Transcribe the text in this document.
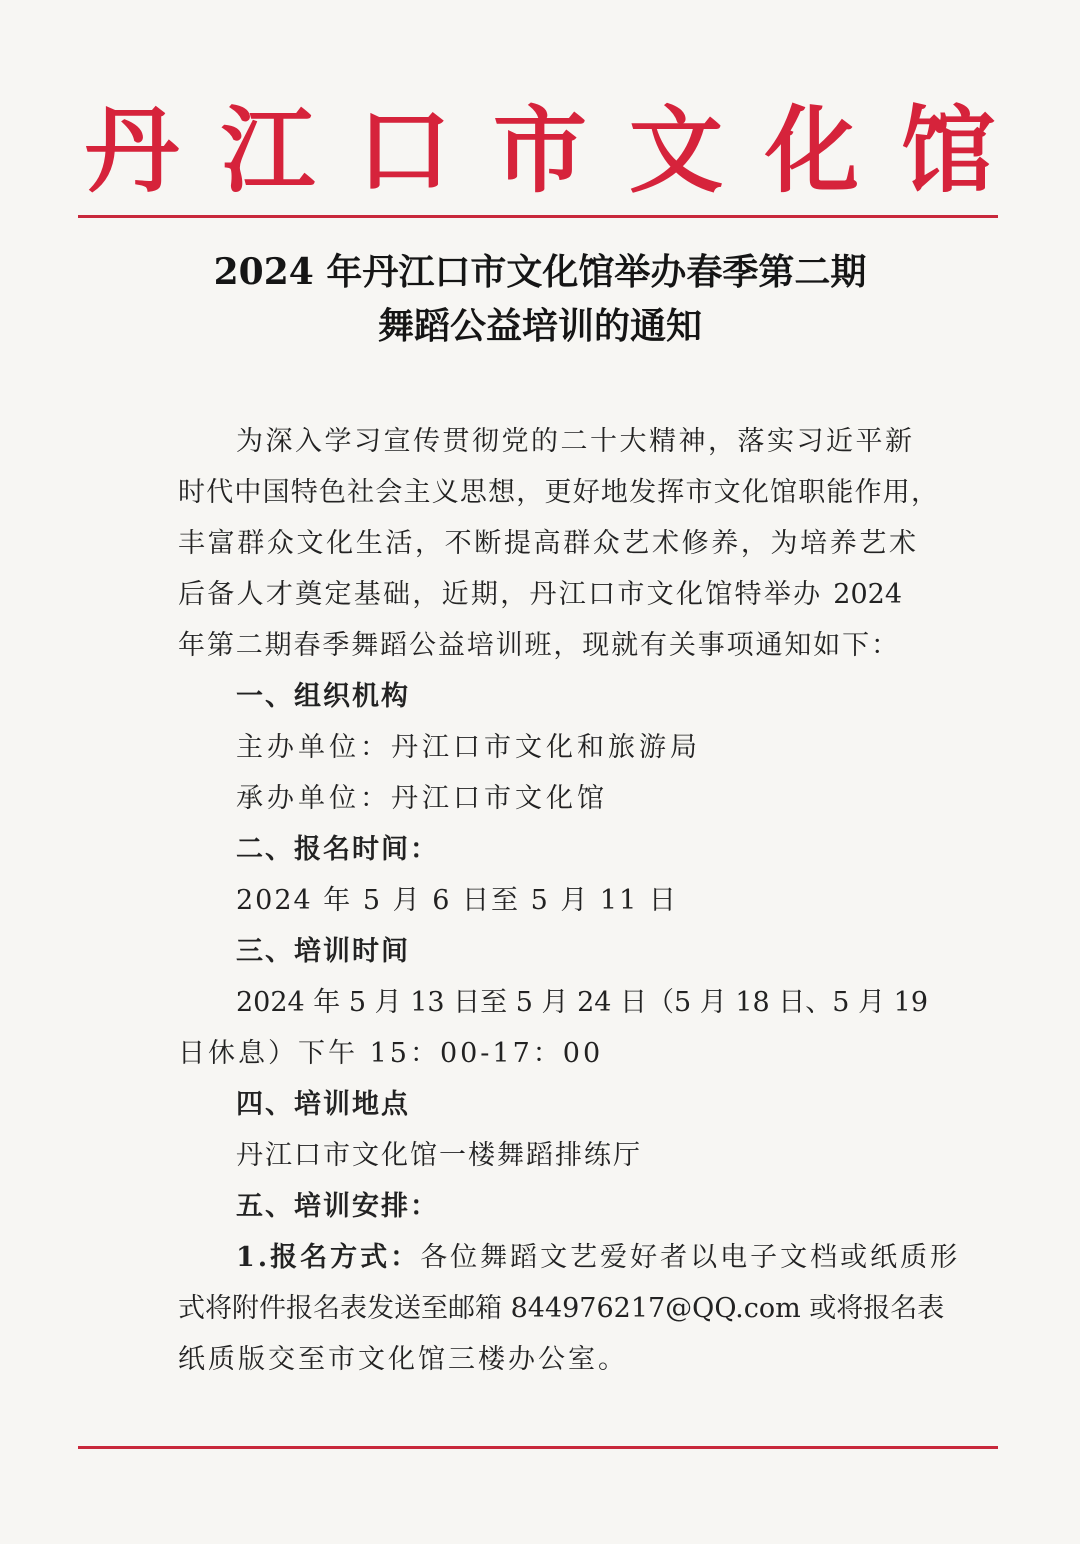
丹 江 口 市 文 化 馆
2024 年丹江口市文化馆举办春季第二期
舞蹈公益培训的通知
为深入学习宣传贯彻党的二十大精神，落实习近平新
时代中国特色社会主义思想，更好地发挥市文化馆职能作用，
丰富群众文化生活，不断提高群众艺术修养，为培养艺术
后备人才奠定基础，近期，丹江口市文化馆特举办 2024
年第二期春季舞蹈公益培训班，现就有关事项通知如下：
一、组织机构
主办单位：丹江口市文化和旅游局
承办单位：丹江口市文化馆
二、报名时间：
2024 年 5 月 6 日至 5 月 11 日
三、培训时间
2024 年 5 月 13 日至 5 月 24 日（5 月 18 日、5 月 19
日休息）下午 15：00-17：00
四、培训地点
丹江口市文化馆一楼舞蹈排练厅
五、培训安排：
1.报名方式：各位舞蹈文艺爱好者以电子文档或纸质形
式将附件报名表发送至邮箱 844976217@QQ.com 或将报名表
纸质版交至市文化馆三楼办公室。
